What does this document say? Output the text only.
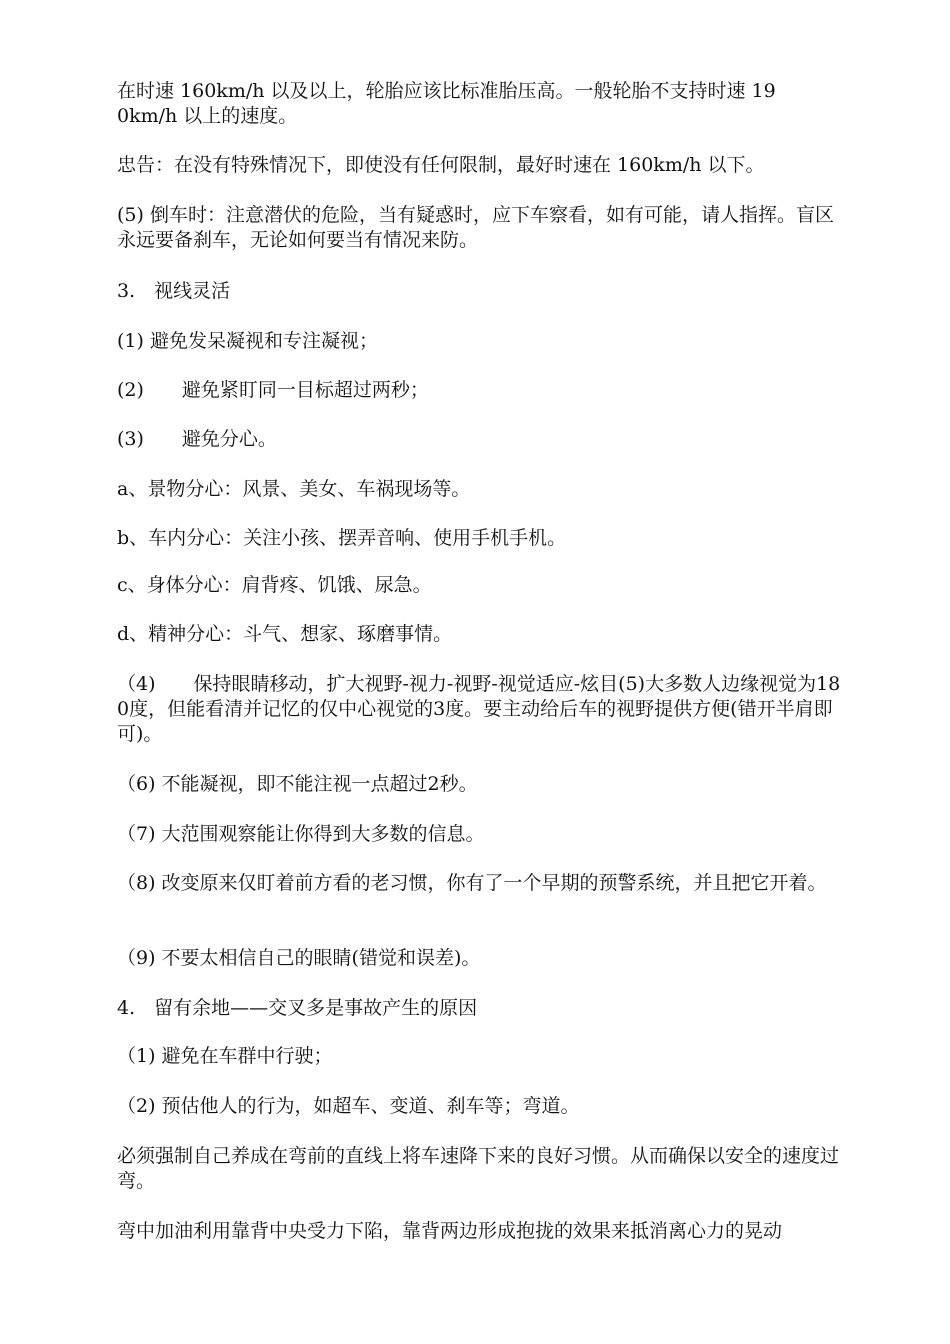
在时速 160km/h 以及以上，轮胎应该比标准胎压高。一般轮胎不支持时速 190km/h 以上的速度。

忠告：在没有特殊情况下，即使没有任何限制，最好时速在 160km/h 以下。

(5) 倒车时：注意潜伏的危险，当有疑惑时，应下车察看，如有可能，请人指挥。盲区永远要备刹车，无论如何要当有情况来防。

3.　视线灵活

(1) 避免发呆凝视和专注凝视；

(2)　　避免紧盯同一目标超过两秒；

(3)　　避免分心。

a、景物分心：风景、美女、车祸现场等。

b、车内分心：关注小孩、摆弄音响、使用手机手机。

c、身体分心：肩背疼、饥饿、尿急。

d、精神分心：斗气、想家、琢磨事情。

（4)　　保持眼睛移动，扩大视野-视力-视野-视觉适应-炫目(5)大多数人边缘视觉为180度，但能看清并记忆的仅中心视觉的3度。要主动给后车的视野提供方便(错开半肩即可)。

（6) 不能凝视，即不能注视一点超过2秒。

（7) 大范围观察能让你得到大多数的信息。

（8) 改变原来仅盯着前方看的老习惯，你有了一个早期的预警系统，并且把它开着。

（9) 不要太相信自己的眼睛(错觉和误差)。

4.　留有余地——交叉多是事故产生的原因

（1) 避免在车群中行驶；

（2) 预估他人的行为，如超车、变道、刹车等；弯道。

必须强制自己养成在弯前的直线上将车速降下来的良好习惯。从而确保以安全的速度过弯。

弯中加油利用靠背中央受力下陷，靠背两边形成抱拢的效果来抵消离心力的晃动
